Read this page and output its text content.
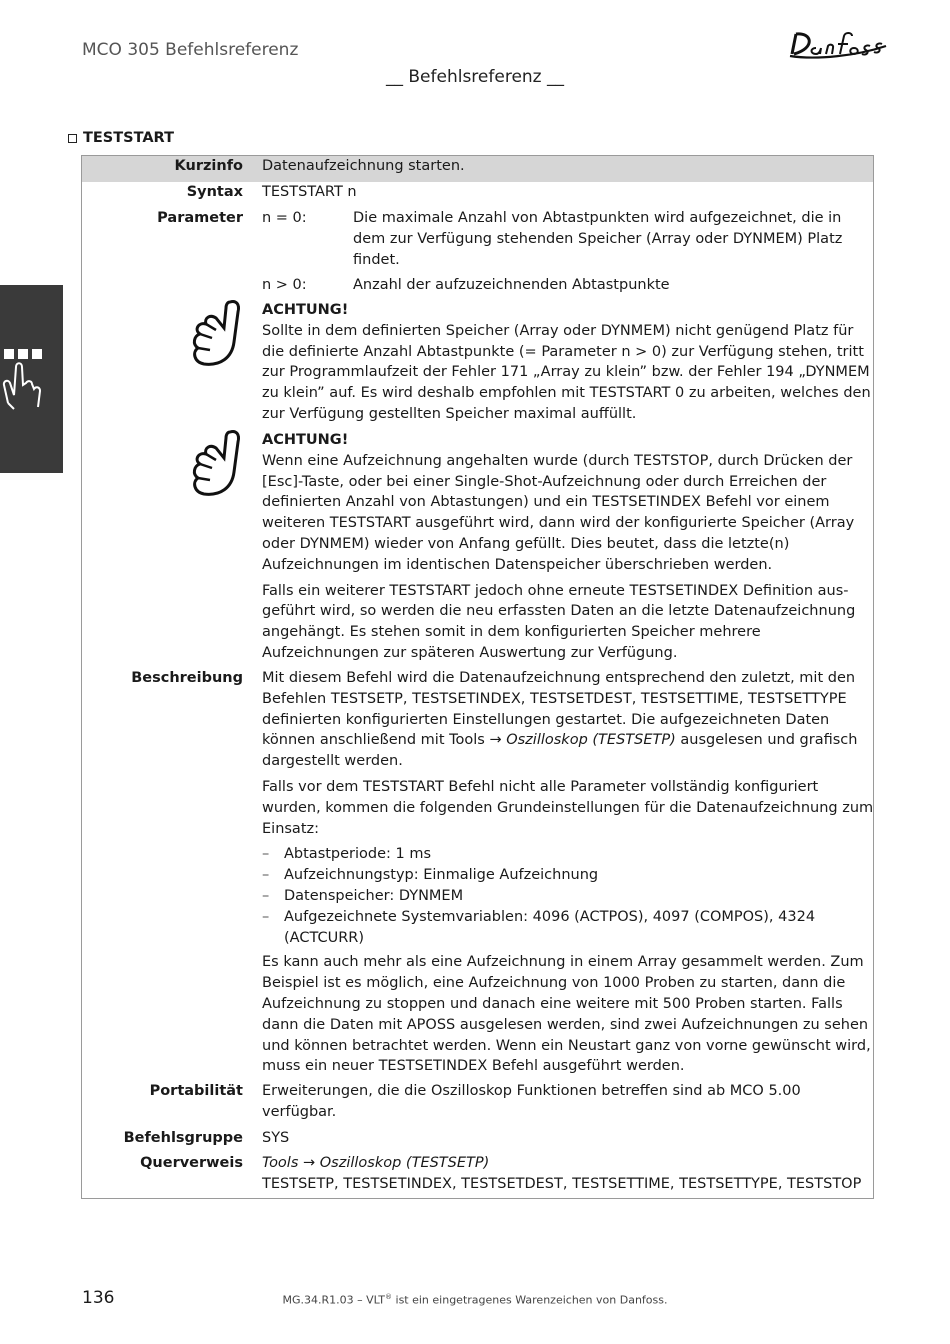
MCO 305 Befehlsreferenz
__ Befehlsreferenz __
TESTSTART
Kurzinfo Datenaufzeichnung starten.
Syntax TESTSTART n
Parameter n = 0:	Die maximale Anzahl von Abtastpunkten wird aufgezeichnet, die in dem zur Verfügung stehenden Speicher (Array oder DYNMEM) Platz findet.
n > 0:	Anzahl der aufzuzeichnenden Abtastpunkte

ACHTUNG!

Sollte in dem definierten Speicher (Array oder DYNMEM) nicht genügend Platz für die definierte Anzahl Abtastpunkte (= Parameter n > 0) zur Verfügung stehen, tritt zur Programmlaufzeit der Fehler 171 „Array zu klein” bzw. der Fehler 194 „DYNMEM zu klein” auf. Es wird deshalb empfohlen mit TESTSTART 0 zu arbeiten, welches den zur Verfügung gestellten Speicher maximal auffüllt.

ACHTUNG!

Wenn eine Aufzeichnung angehalten wurde (durch TESTSTOP, durch Drücken der [Esc]-Taste, oder bei einer Single-Shot-Aufzeichnung oder durch Erreichen der definierten Anzahl von Abtastungen) und ein TESTSETINDEX Befehl vor einem weiteren TESTSTART ausgeführt wird, dann wird der konfigurierte Speicher (Array oder DYNMEM) wieder von Anfang gefüllt. Dies beutet, dass die letzte(n) Aufzeichnungen im identischen Datenspeicher überschrieben werden.

Falls ein weiterer TESTSTART jedoch ohne erneute TESTSETINDEX Definition aus-geführt wird, so werden die neu erfassten Daten an die letzte Datenaufzeichnung angehängt. Es stehen somit in dem konfigurierten Speicher mehrere Aufzeichnungen zur späteren Auswertung zur Verfügung.

Beschreibung Mit diesem Befehl wird die Datenaufzeichnung entsprechend den zuletzt, mit den Befehlen TESTSETP, TESTSETINDEX, TESTSETDEST, TESTSETTIME, TESTSETTYPE definierten konfigurierten Einstellungen gestartet. Die aufgezeichneten Daten können anschließend mit Tools → Oszilloskop (TESTSETP) ausgelesen und grafisch dargestellt werden.

Falls vor dem TESTSTART Befehl nicht alle Parameter vollständig konfiguriert wurden, kommen die folgenden Grundeinstellungen für die Datenaufzeichnung zum Einsatz:

– Abtastperiode: 1 ms
– Aufzeichnungstyp: Einmalige Aufzeichnung
– Datenspeicher: DYNMEM
– Aufgezeichnete Systemvariablen: 4096 (ACTPOS), 4097 (COMPOS), 4324 (ACTCURR)

Es kann auch mehr als eine Aufzeichnung in einem Array gesammelt werden. Zum Beispiel ist es möglich, eine Aufzeichnung von 1000 Proben zu starten, dann die Aufzeichnung zu stoppen und danach eine weitere mit 500 Proben starten. Falls dann die Daten mit APOSS ausgelesen werden, sind zwei Aufzeichnungen zu sehen und können betrachtet werden. Wenn ein Neustart ganz von vorne gewünscht wird, muss ein neuer TESTSETINDEX Befehl ausgeführt werden.

Portabilität Erweiterungen, die die Oszilloskop Funktionen betreffen sind ab MCO 5.00 verfügbar.
Befehlsgruppe SYS
Querverweis Tools → Oszilloskop (TESTSETP)

TESTSETP, TESTSETINDEX, TESTSETDEST, TESTSETTIME, TESTSETTYPE, TESTSTOP

136	MG.34.R1.03 – VLT® ist ein eingetragenes Warenzeichen von Danfoss.
